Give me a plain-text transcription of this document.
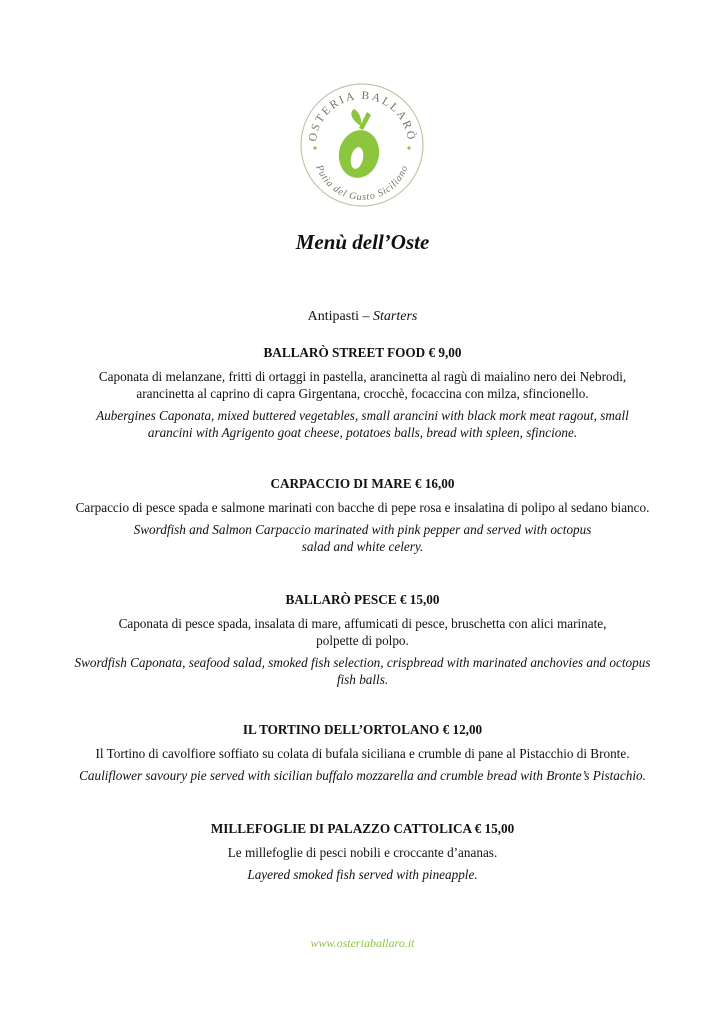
OSTERIA BALLARÒ
Putìa del Gusto Siciliano
Menù dell’Oste
Antipasti – Starters
BALLARÒ STREET FOOD € 9,00
Caponata di melanzane, fritti di ortaggi in pastella, arancinetta al ragù di maialino nero dei Nebrodi,
arancinetta al caprino di capra Girgentana, crocchè, focaccina con milza, sfincionello.
Aubergines Caponata, mixed buttered vegetables, small arancini with black mork meat ragout, small
arancini with Agrigento goat cheese, potatoes balls, bread with spleen, sfincione.
CARPACCIO DI MARE € 16,00
Carpaccio di pesce spada e salmone marinati con bacche di pepe rosa e insalatina di polipo al sedano bianco.
Swordfish and Salmon Carpaccio marinated with pink pepper and served with octopus
salad and white celery.
BALLARÒ PESCE € 15,00
Caponata di pesce spada, insalata di mare, affumicati di pesce, bruschetta con alici marinate,
polpette di polpo.
Swordfish Caponata, seafood salad, smoked fish selection, crispbread with marinated anchovies and octopus
fish balls.
IL TORTINO DELL’ORTOLANO € 12,00
Il Tortino di cavolfiore soffiato su colata di bufala siciliana e crumble di pane al Pistacchio di Bronte.
Cauliflower savoury pie served with sicilian buffalo mozzarella and crumble bread with Bronte’s Pistachio.
MILLEFOGLIE DI PALAZZO CATTOLICA € 15,00
Le millefoglie di pesci nobili e croccante d’ananas.
Layered smoked fish served with pineapple.
www.osteriaballaro.it
